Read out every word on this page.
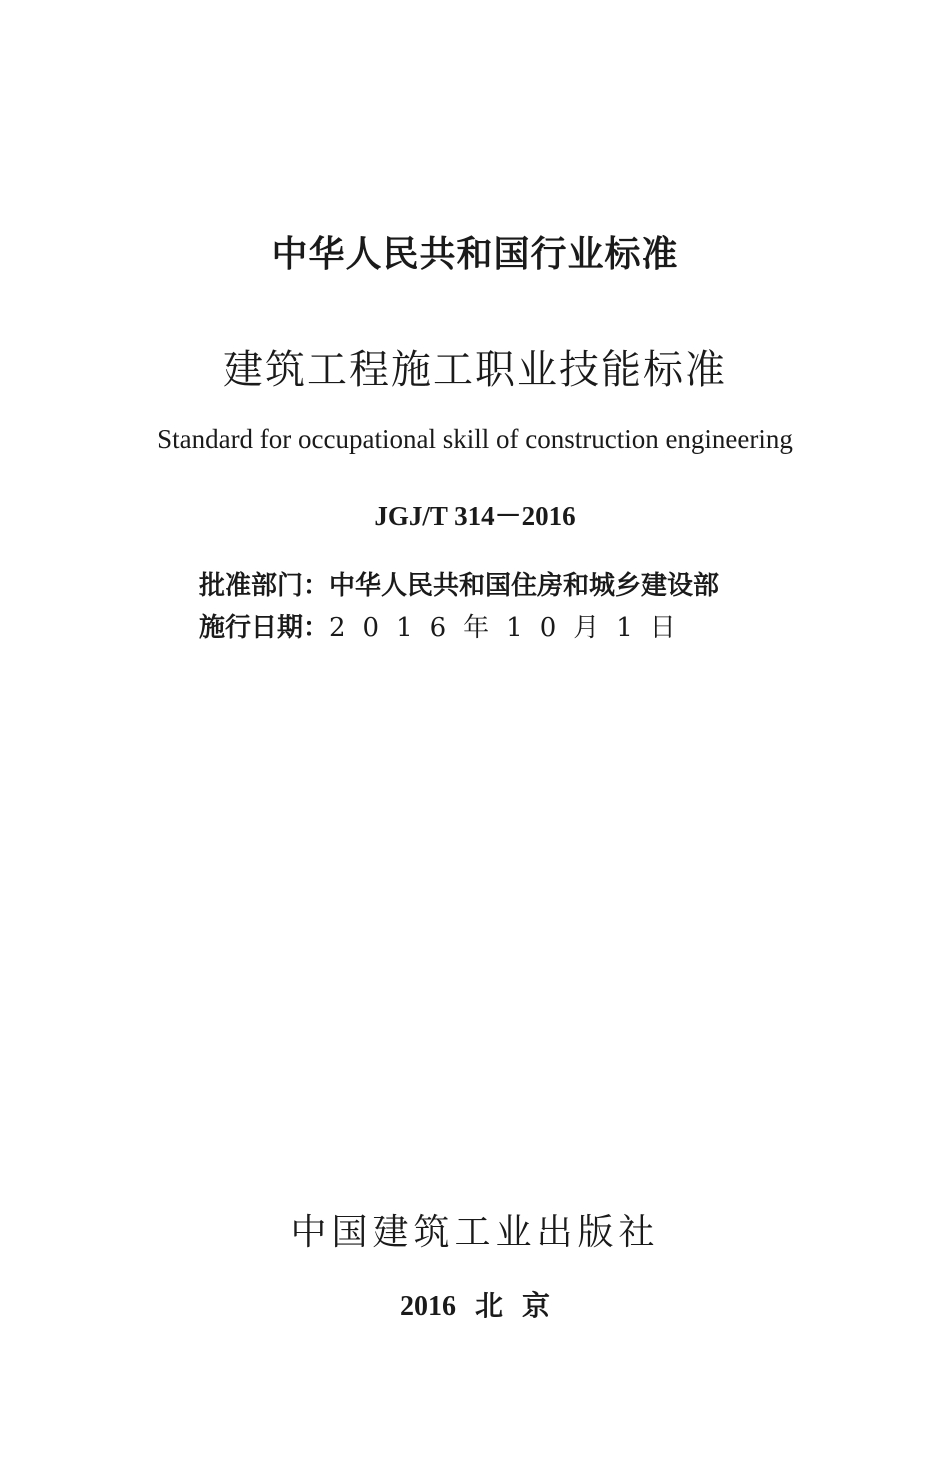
中华人民共和国行业标准
建筑工程施工职业技能标准
Standard for occupational skill of construction engineering
JGJ/T 314－2016
批准部门：中华人民共和国住房和城乡建设部
施行日期：2016年10月1日
中国建筑工业出版社
2016 北 京
